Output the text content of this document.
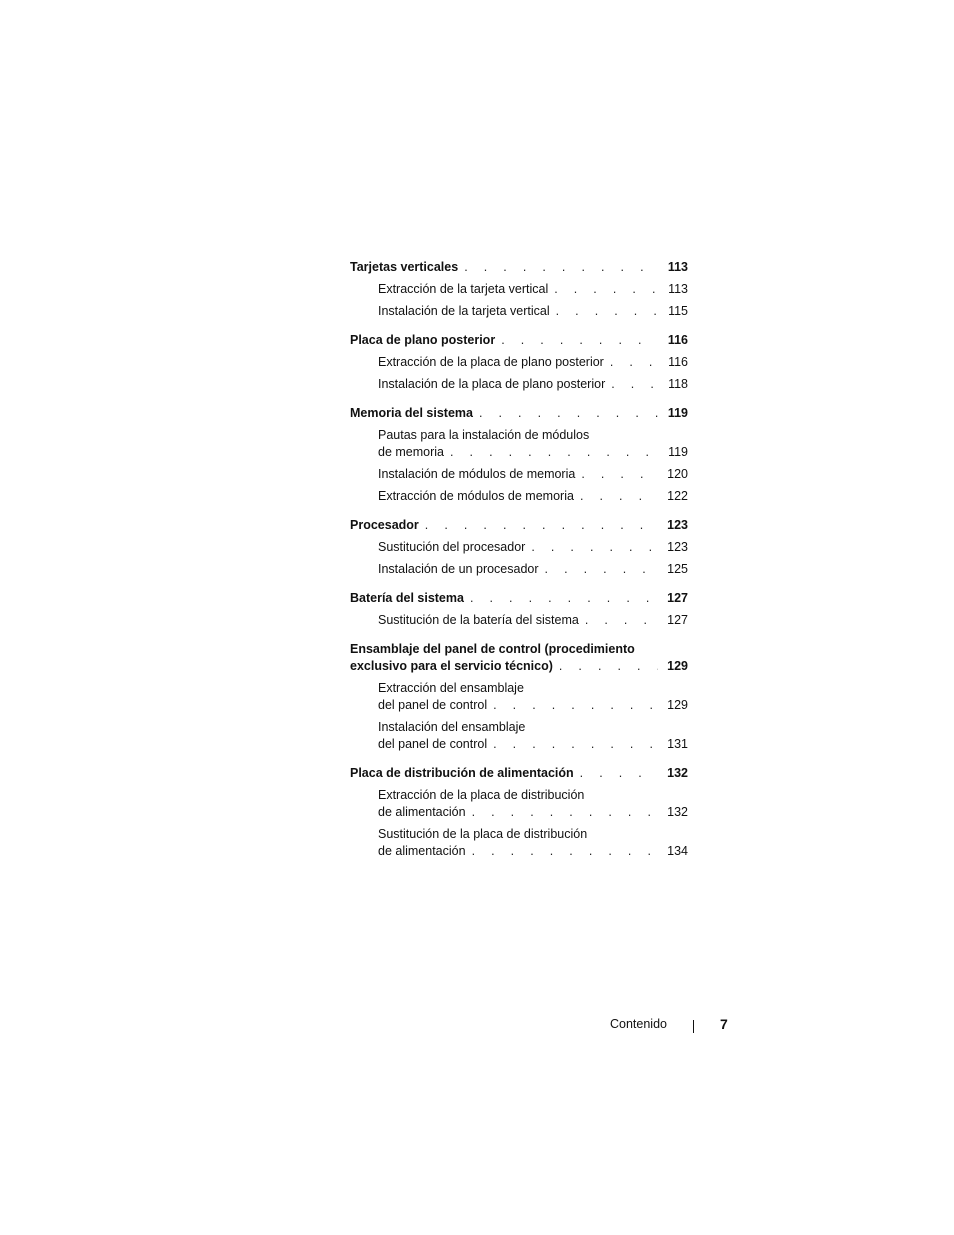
Tarjetas verticales . . .	113
Extracción de la tarjeta vertical . . .	113
Instalación de la tarjeta vertical . . .	115
Placa de plano posterior . . .	116
Extracción de la placa de plano posterior . . .	116
Instalación de la placa de plano posterior . . .	118
Memoria del sistema . . .	119
Pautas para la instalación de módulos
de memoria . . .	119
Instalación de módulos de memoria . . .	120
Extracción de módulos de memoria . . .	122
Procesador . . .	123
Sustitución del procesador . . .	123
Instalación de un procesador . . .	125
Batería del sistema . . .	127
Sustitución de la batería del sistema . . .	127
Ensamblaje del panel de control (procedimiento
exclusivo para el servicio técnico) . . .	129
Extracción del ensamblaje
del panel de control . . .	129
Instalación del ensamblaje
del panel de control . . .	131
Placa de distribución de alimentación . . .	132
Extracción de la placa de distribución
de alimentación . . .	132
Sustitución de la placa de distribución
de alimentación . . .	134
Contenido	7
